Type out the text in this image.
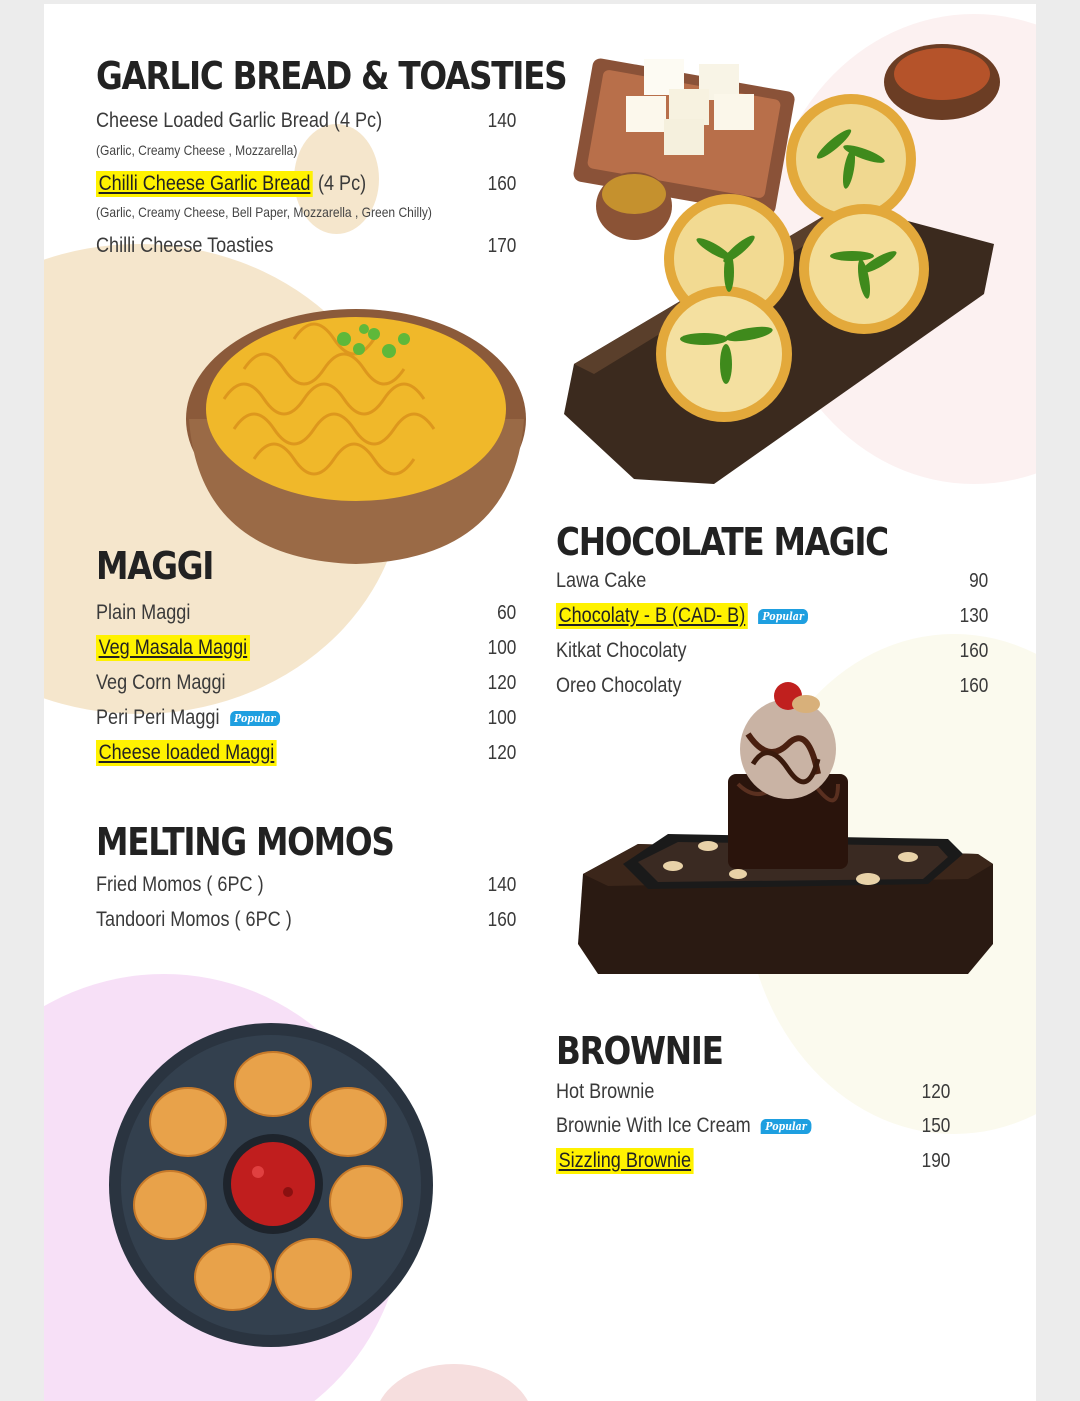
GARLIC BREAD & TOASTIES
Cheese Loaded Garlic Bread (4 Pc)	140
(Garlic, Creamy Cheese , Mozzarella)
Chilli Cheese Garlic Bread (4 Pc)	160
(Garlic, Creamy Cheese, Bell Paper, Mozzarella , Green Chilly)
Chilli Cheese Toasties	170
MAGGI
Plain Maggi	60
Veg Masala Maggi	100
Veg Corn Maggi	120
Peri Peri Maggi Popular	100
Cheese loaded Maggi	120
MELTING MOMOS
Fried Momos ( 6PC )	140
Tandoori Momos ( 6PC )	160
CHOCOLATE MAGIC
Lawa Cake	90
Chocolaty - B (CAD- B) Popular	130
Kitkat Chocolaty	160
Oreo Chocolaty	160
BROWNIE
Hot Brownie	120
Brownie With Ice Cream Popular	150
Sizzling Brownie	190
